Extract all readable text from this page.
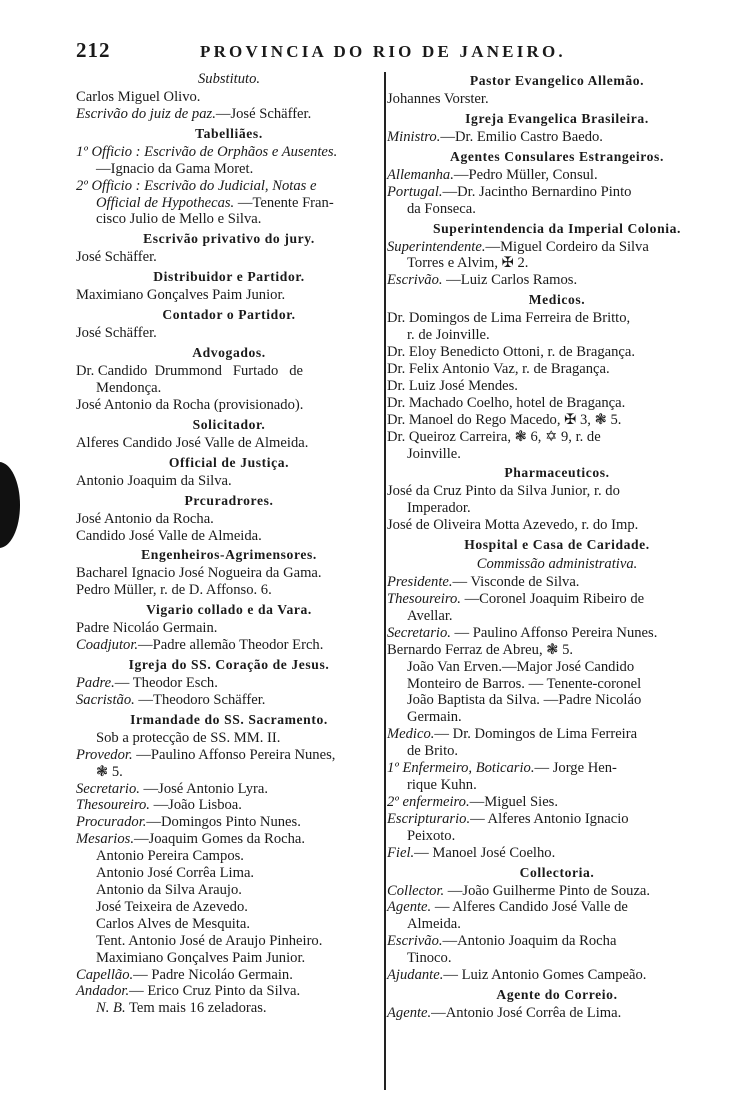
212	PROVINCIA DO RIO DE JANEIRO.
Substituto.
Carlos Miguel Olivo.
Escrivão do juiz de paz.—José Schäffer.
Tabelliães.
1º Officio : Escrivão de Orphãos e Ausentes.
—Ignacio da Gama Moret.
2º Officio : Escrivão do Judicial, Notas e
Official de Hypothecas. —Tenente Fran-
cisco Julio de Mello e Silva.
Escrivão privativo do jury.
José Schäffer.
Distribuidor e Partidor.
Maximiano Gonçalves Paim Junior.
Contador o Partidor.
José Schäffer.
Advogados.
Dr. Candido  Drummond   Furtado   de
Mendonça.
José Antonio da Rocha (provisionado).
Solicitador.
Alferes Candido José Valle de Almeida.
Official de Justiça.
Antonio Joaquim da Silva.
Prcuradrores.
José Antonio da Rocha.
Candido José Valle de Almeida.
Engenheiros-Agrimensores.
Bacharel Ignacio José Nogueira da Gama.
Pedro Müller, r. de D. Affonso. 6.
Vigario collado e da Vara.
Padre Nicoláo Germain.
Coadjutor.—Padre allemão Theodor Erch.
Igreja do SS. Coração de Jesus.
Padre.— Theodor Esch.
Sacristão. —Theodoro Schäffer.
Irmandade do SS. Sacramento.
Sob a protecção de SS. MM. II.
Provedor. —Paulino Affonso Pereira Nunes,
❃ 5.
Secretario. —José Antonio Lyra.
Thesoureiro. —João Lisboa.
Procurador.—Domingos Pinto Nunes.
Mesarios.—Joaquim Gomes da Rocha.
Antonio Pereira Campos.
Antonio José Corrêa Lima.
Antonio da Silva Araujo.
José Teixeira de Azevedo.
Carlos Alves de Mesquita.
Tent. Antonio José de Araujo Pinheiro.
Maximiano Gonçalves Paim Junior.
Capellão.— Padre Nicoláo Germain.
Andador.— Erico Cruz Pinto da Silva.
N. B. Tem mais 16 zeladoras.
Pastor Evangelico Allemão.
Johannes Vorster.
Igreja Evangelica Brasileira.
Ministro.—Dr. Emilio Castro Baedo.
Agentes Consulares Estrangeiros.
Allemanha.—Pedro Müller, Consul.
Portugal.—Dr. Jacintho Bernardino Pinto
da Fonseca.
Superintendencia da Imperial Colonia.
Superintendente.—Miguel Cordeiro da Silva
Torres e Alvim, ✠ 2.
Escrivão. —Luiz Carlos Ramos.
Medicos.
Dr. Domingos de Lima Ferreira de Britto,
r. de Joinville.
Dr. Eloy Benedicto Ottoni, r. de Bragança.
Dr. Felix Antonio Vaz, r. de Bragança.
Dr. Luiz José Mendes.
Dr. Machado Coelho, hotel de Bragança.
Dr. Manoel do Rego Macedo, ✠ 3, ❃ 5.
Dr. Queiroz Carreira, ❃ 6, ✡ 9, r. de
Joinville.
Pharmaceuticos.
José da Cruz Pinto da Silva Junior, r. do
Imperador.
José de Oliveira Motta Azevedo, r. do Imp.
Hospital e Casa de Caridade.
Commissão administrativa.
Presidente.— Visconde de Silva.
Thesoureiro. —Coronel Joaquim Ribeiro de
Avellar.
Secretario. — Paulino Affonso Pereira Nunes.
Bernardo Ferraz de Abreu, ❃ 5.
João Van Erven.—Major José Candido
Monteiro de Barros. — Tenente-coronel
João Baptista da Silva. —Padre Nicoláo
Germain.
Medico.— Dr. Domingos de Lima Ferreira
de Brito.
1º Enfermeiro, Boticario.— Jorge Hen-
rique Kuhn.
2º enfermeiro.—Miguel Sies.
Escripturario.— Alferes Antonio Ignacio
Peixoto.
Fiel.— Manoel José Coelho.
Collectoria.
Collector. —João Guilherme Pinto de Souza.
Agente. — Alferes Candido José Valle de
Almeida.
Escrivão.—Antonio Joaquim da Rocha
Tinoco.
Ajudante.— Luiz Antonio Gomes Campeão.
Agente do Correio.
Agente.—Antonio José Corrêa de Lima.
